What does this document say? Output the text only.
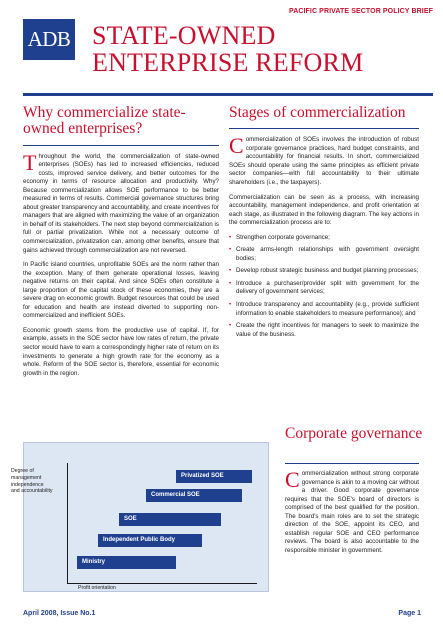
PACIFIC PRIVATE SECTOR POLICY BRIEF
ADB STATE-OWNED ENTERPRISE REFORM
Why commercialize state-owned enterprises?

Throughout the world, the commercialization of state-owned enterprises (SOEs) has led to increased efficiencies, reduced costs, improved service delivery, and better outcomes for the economy in terms of resource allocation and productivity. Why? Because commercialization allows SOE performance to be better measured in terms of results. Commercial governance structures bring about greater transparency and accountability, and create incentives for managers that are aligned with maximizing the value of an organization in behalf of its stakeholders. The next step beyond commercialization is full or partial privatization. While not a necessary outcome of commercialization, privatization can, among other benefits, ensure that gains achieved through commercialization are not reversed.

In Pacific island countries, unprofitable SOEs are the norm rather than the exception. Many of them generate operational losses, leaving negative returns on their capital. And since SOEs often constitute a large proportion of the capital stock of these economies, they are a severe drag on economic growth. Budget resources that could be used for education and health are instead diverted to supporting non-commercialized and inefficient SOEs.

Economic growth stems from the productive use of capital. If, for example, assets in the SOE sector have low rates of return, the private sector would have to earn a correspondingly higher rate of return on its investments to generate a high growth rate for the economy as a whole. Reform of the SOE sector is, therefore, essential for economic growth in the region.

Stages of commercialization

Commercialization of SOEs involves the introduction of robust corporate governance practices, hard budget constraints, and accountability for financial results. In short, commercialized SOEs should operate using the same principles as efficient private sector companies—with full accountability to their ultimate shareholders (i.e., the taxpayers).

Commercialization can be seen as a process, with increasing accountability, management independence, and profit orientation at each stage, as illustrated in the following diagram. The key actions in the commercialization process are to:

• Strengthen corporate governance;
• Create arms-length relationships with government oversight bodies;
• Develop robust strategic business and budget planning processes;
• Introduce a purchaser/provider split with government for the delivery of government services;
• Introduce transparency and accountability (e.g., provide sufficient information to enable stakeholders to measure performance); and
• Create the right incentives for managers to seek to maximize the value of the business.
Corporate governance

Commercialization without strong corporate governance is akin to a moving car without a driver. Good corporate governance requires that the SOE's board of directors is comprised of the best qualified for the position. The board's main roles are to set the strategic direction of the SOE, appoint its CEO, and establish regular SOE and CEO performance reviews. The board is also accountable to the responsible minister in government.

Degree of management independence and accountability
Profit orientation
Privatized SOE
Commercial SOE
SOE
Independent Public Body
Ministry
April 2008, Issue No.1	Page 1
